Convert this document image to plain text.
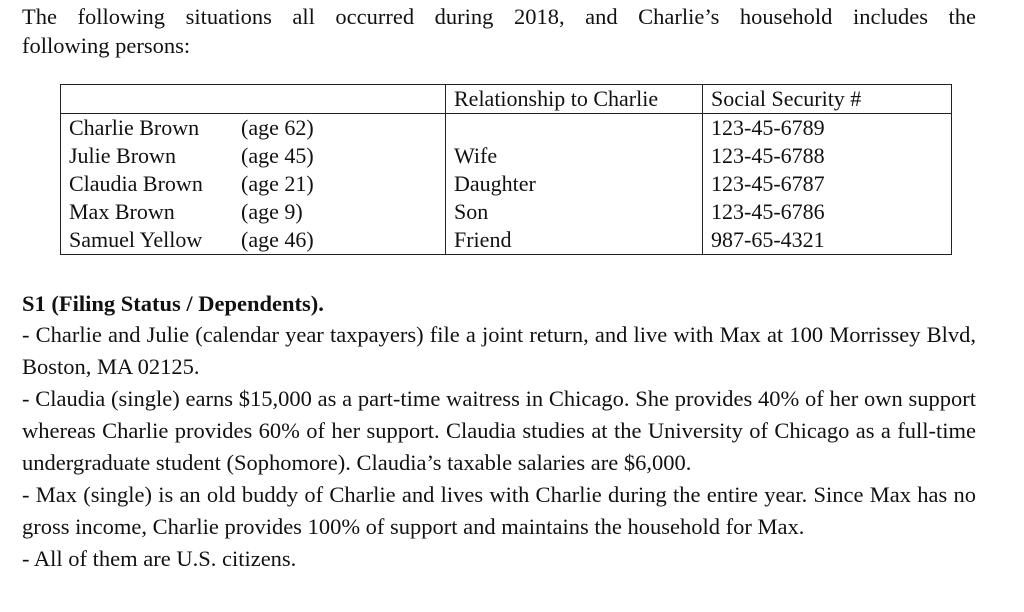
The following situations all occurred during 2018, and Charlie’s household includes the
following persons:

	Relationship to Charlie	Social Security #
Charlie Brown (age 62)		123-45-6789
Julie Brown (age 45)	Wife	123-45-6788
Claudia Brown (age 21)	Daughter	123-45-6787
Max Brown (age 9)	Son	123-45-6786
Samuel Yellow (age 46)	Friend	987-65-4321
S1 (Filing Status / Dependents).

- Charlie and Julie (calendar year taxpayers) file a joint return, and live with Max at 100 Morrissey Blvd, Boston, MA 02125.

- Claudia (single) earns $15,000 as a part-time waitress in Chicago. She provides 40% of her own support whereas Charlie provides 60% of her support. Claudia studies at the University of Chicago as a full-time undergraduate student (Sophomore). Claudia’s taxable salaries are $6,000.

- Max (single) is an old buddy of Charlie and lives with Charlie during the entire year. Since Max has no gross income, Charlie provides 100% of support and maintains the household for Max.

- All of them are U.S. citizens.
